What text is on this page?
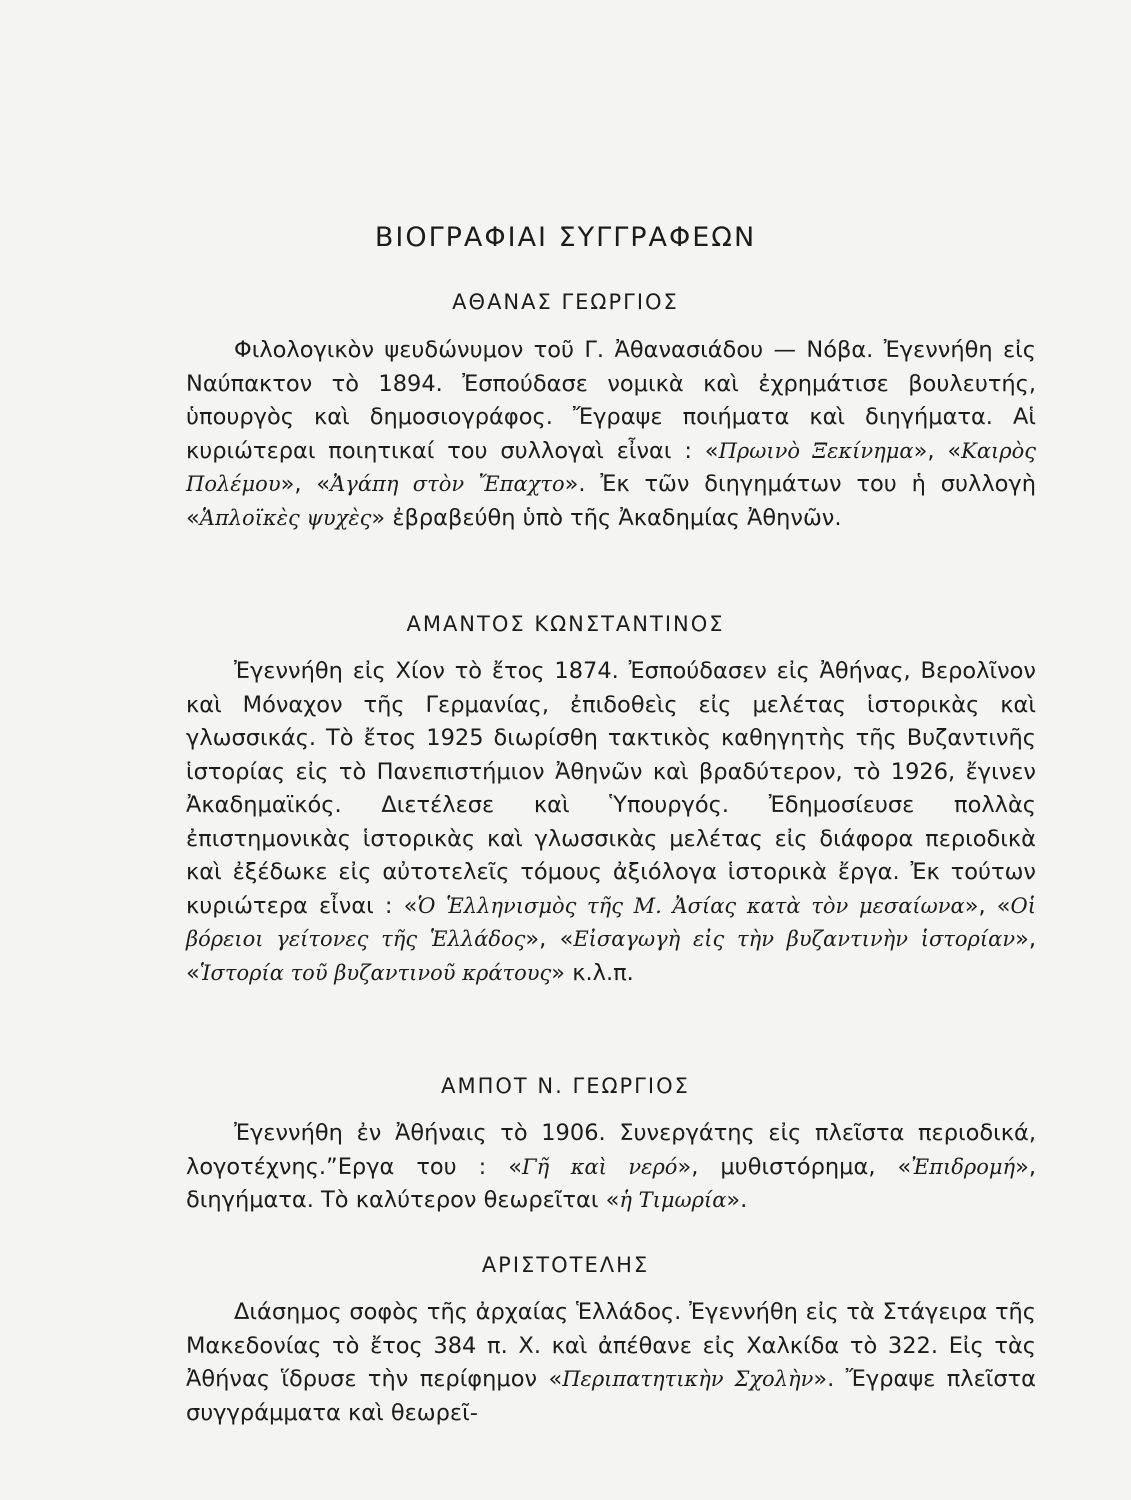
ΒΙΟΓΡΑΦΙΑΙ ΣΥΓΓΡΑΦΕΩΝ
ΑΘΑΝΑΣ ΓΕΩΡΓΙΟΣ

Φιλολογικὸν ψευδώνυμον τοῦ Γ. Ἀθανασιάδου — Νόβα. Ἐγεννήθη εἰς Ναύπακτον τὸ 1894. Ἐσπούδασε νομικὰ καὶ ἐχρημάτισε βουλευτής, ὑπουργὸς καὶ δημοσιογράφος. Ἔγραψε ποιήματα καὶ διηγήματα. Αἱ κυριώτεραι ποιητικαί του συλλογαὶ εἶναι : «Πρωινὸ Ξεκίνημα», «Καιρὸς Πολέμου», «Ἀγάπη στὸν Ἔπαχτο». Ἐκ τῶν διηγημάτων του ἡ συλλογὴ «Ἁπλοϊκὲς ψυχὲς» ἐβραβεύθη ὑπὸ τῆς Ἀκαδημίας Ἀθηνῶν.

ΑΜΑΝΤΟΣ ΚΩΝΣΤΑΝΤΙΝΟΣ

Ἐγεννήθη εἰς Χίον τὸ ἔτος 1874. Ἐσπούδασεν εἰς Ἀθήνας, Βερολῖνον καὶ Μόναχον τῆς Γερμανίας, ἐπιδοθεὶς εἰς μελέτας ἱστορικὰς καὶ γλωσσικάς. Τὸ ἔτος 1925 διωρίσθη τακτικὸς καθηγητὴς τῆς Βυζαντινῆς ἱστορίας εἰς τὸ Πανεπιστήμιον Ἀθηνῶν καὶ βραδύτερον, τὸ 1926, ἔγινεν Ἀκαδημαϊκός. Διετέλεσε καὶ Ὑπουργός. Ἐδημοσίευσε πολλὰς ἐπιστημονικὰς ἱστορικὰς καὶ γλωσσικὰς μελέτας εἰς διάφορα περιοδικὰ καὶ ἐξέδωκε εἰς αὐτοτελεῖς τόμους ἀξιόλογα ἱστορικὰ ἔργα. Ἐκ τούτων κυριώτερα εἶναι : «Ὁ Ἑλληνισμὸς τῆς Μ. Ἀσίας κατὰ τὸν μεσαίωνα», «Οἱ βόρειοι γείτονες τῆς Ἑλλάδος», «Εἰσαγωγὴ εἰς τὴν βυζαντινὴν ἱστορίαν», «Ἱστορία τοῦ βυζαντινοῦ κράτους» κ.λ.π.

ΑΜΠΟΤ Ν. ΓΕΩΡΓΙΟΣ

Ἐγεννήθη ἐν Ἀθήναις τὸ 1906. Συνεργάτης εἰς πλεῖστα περιοδικά, λογοτέχνης.”Εργα του : «Γῆ καὶ νερό», μυθιστόρημα, «Ἐπιδρομή», διηγήματα. Τὸ καλύτερον θεωρεῖται «ἡ Τιμωρία».

ΑΡΙΣΤΟΤΕΛΗΣ

Διάσημος σοφὸς τῆς ἀρχαίας Ἑλλάδος. Ἐγεννήθη εἰς τὰ Στάγειρα τῆς Μακεδονίας τὸ ἔτος 384 π. Χ. καὶ ἀπέθανε εἰς Χαλκίδα τὸ 322. Εἰς τὰς Ἀθήνας ἵδρυσε τὴν περίφημον «Περιπατητικὴν Σχολὴν». Ἔγραψε πλεῖστα συγγράμματα καὶ θεωρεῖ-
